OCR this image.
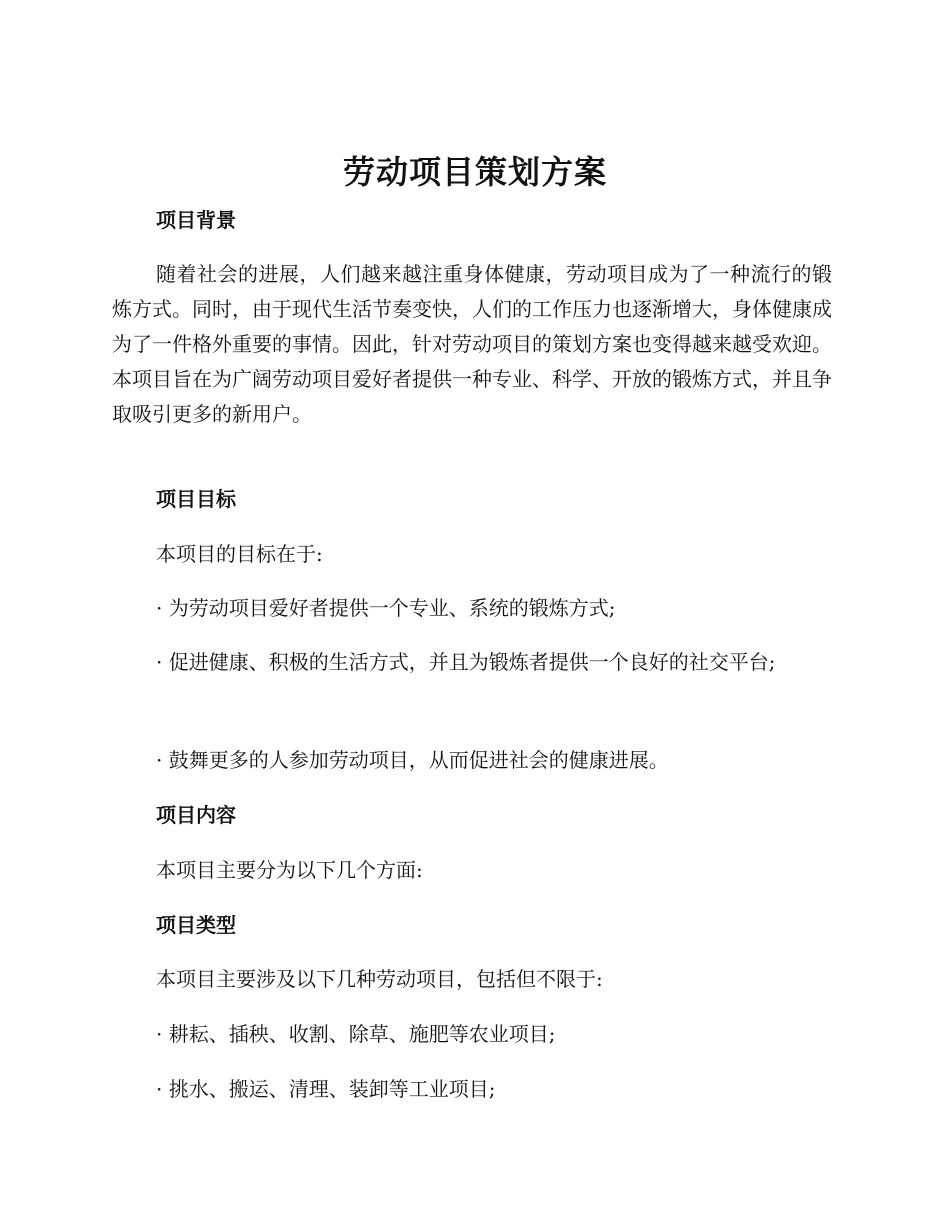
劳动项目策划方案
项目背景

随着社会的进展，人们越来越注重身体健康，劳动项目成为了一种流行的锻炼方式。同时，由于现代生活节奏变快，人们的工作压力也逐渐增大，身体健康成为了一件格外重要的事情。因此，针对劳动项目的策划方案也变得越来越受欢迎。本项目旨在为广阔劳动项目爱好者提供一种专业、科学、开放的锻炼方式，并且争取吸引更多的新用户。

项目目标

本项目的目标在于:

· 为劳动项目爱好者提供一个专业、系统的锻炼方式;

· 促进健康、积极的生活方式，并且为锻炼者提供一个良好的社交平台;

· 鼓舞更多的人参加劳动项目，从而促进社会的健康进展。

项目内容

本项目主要分为以下几个方面:

项目类型

本项目主要涉及以下几种劳动项目，包括但不限于:

· 耕耘、插秧、收割、除草、施肥等农业项目;

· 挑水、搬运、清理、装卸等工业项目;
